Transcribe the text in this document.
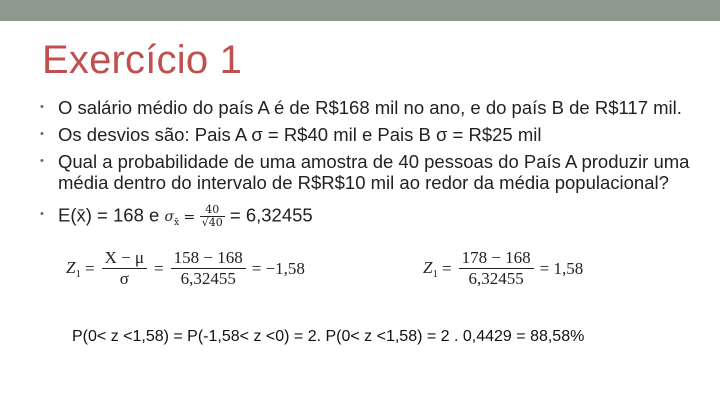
Exercício 1
• O salário médio do país A é de R$168 mil no ano, e do país B de R$117 mil.
• Os desvios são: Pais A σ = R$40 mil e Pais B σ = R$25 mil
• Qual a probabilidade de uma amostra de 40 pessoas do País A produzir uma média dentro do intervalo de R$R$10 mil ao redor da média populacional?
• E(x̄) = 168 e $\sigma_{x̄} = \frac{40}{√40} = 6,32455$
$Z_1 = \frac{X - \mu}{\sigma} = \frac{158 - 168}{6,32455} = -1,58$	$Z_1 = \frac{178 - 168}{6,32455} = 1,58$
P(0< z <1,58) = P(-1,58< z <0) = 2. P(0< z <1,58) = 2 . 0,4429 = 88,58%
